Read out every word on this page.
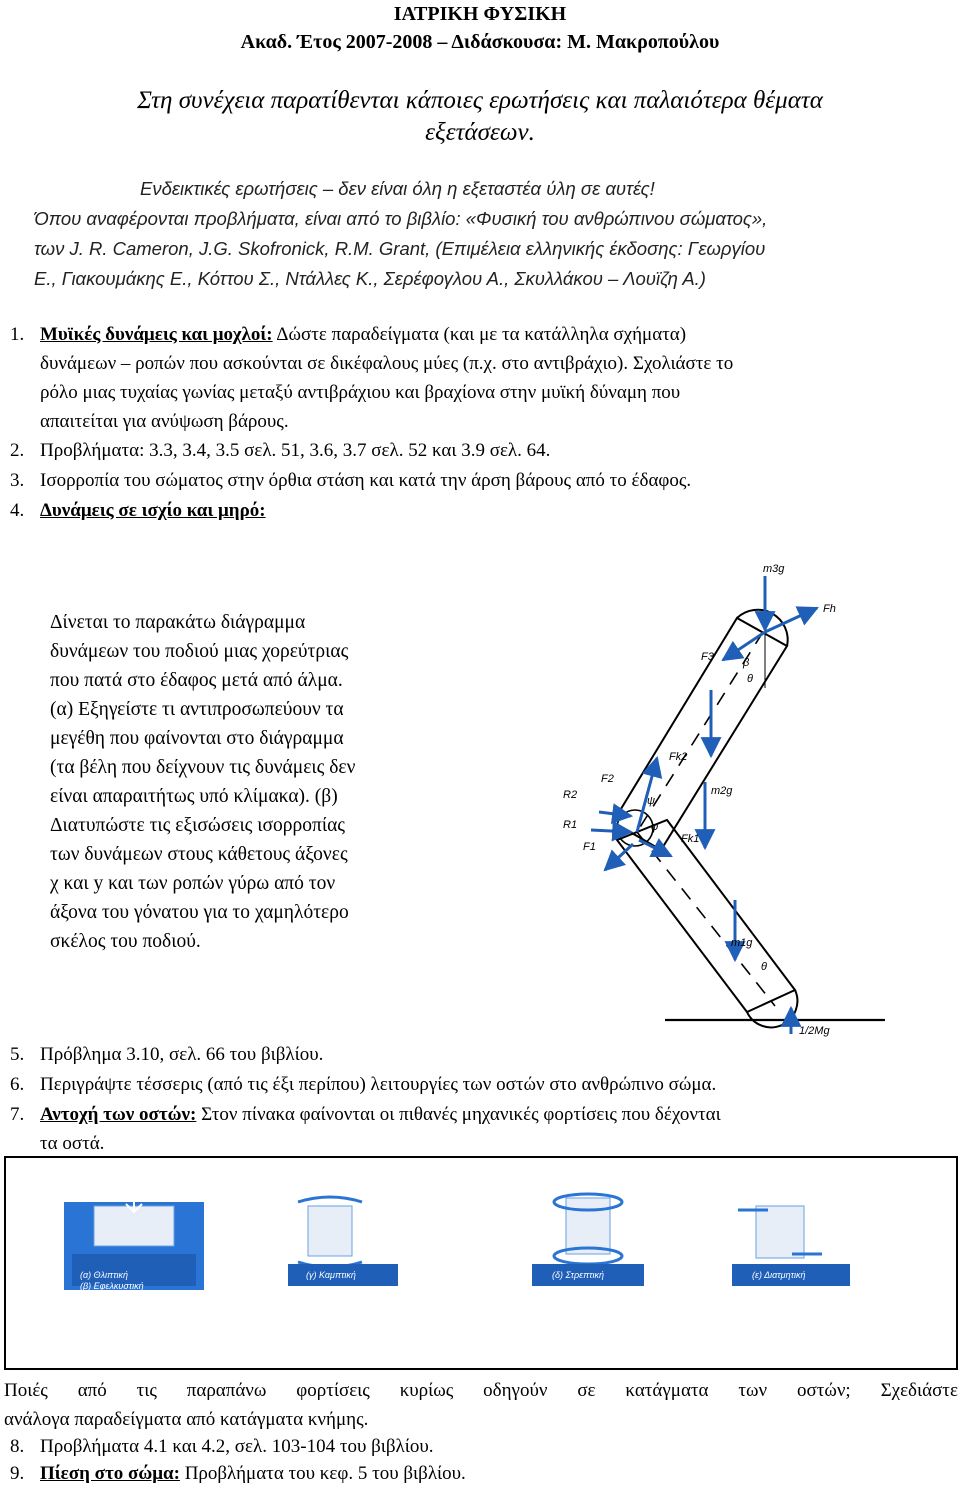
ΙΑΤΡΙΚΗ ΦΥΣΙΚΗ
Ακαδ. Έτος 2007-2008 – Διδάσκουσα: Μ. Μακροπούλου
Στη συνέχεια παρατίθενται κάποιες ερωτήσεις και παλαιότερα θέματα
εξετάσεων.
Ενδεικτικές ερωτήσεις – δεν είναι όλη η εξεταστέα ύλη σε αυτές!
Όπου αναφέρονται προβλήματα, είναι από το βιβλίο: «Φυσική του ανθρώπινου σώματος»,
των J. R. Cameron, J.G. Skofronick, R.M. Grant, (Επιμέλεια ελληνικής έκδοσης: Γεωργίου
Ε., Γιακουμάκης Ε., Κόττου Σ., Ντάλλες Κ., Σερέφογλου Α., Σκυλλάκου – Λουϊζη Α.)
1. Μυϊκές δυνάμεις και μοχλοί: Δώστε παραδείγματα (και με τα κατάλληλα σχήματα)
δυνάμεων – ροπών που ασκούνται σε δικέφαλους μύες (π.χ. στο αντιβράχιο). Σχολιάστε το
ρόλο μιας τυχαίας γωνίας μεταξύ αντιβράχιου και βραχίονα στην μυϊκή δύναμη που
απαιτείται για ανύψωση βάρους.
2. Προβλήματα: 3.3, 3.4, 3.5 σελ. 51, 3.6, 3.7 σελ. 52 και 3.9 σελ. 64.
3. Ισορροπία του σώματος στην όρθια στάση και κατά την άρση βάρους από το έδαφος.
4. Δυνάμεις σε ισχίο και μηρό:
Δίνεται το παρακάτω διάγραμμα
δυνάμεων του ποδιού μιας χορεύτριας
που πατά στο έδαφος μετά από άλμα.
(α) Εξηγείστε τι αντιπροσωπεύουν τα
μεγέθη που φαίνονται στο διάγραμμα
(τα βέλη που δείχνουν τις δυνάμεις δεν
είναι απαραιτήτως υπό κλίμακα). (β)
Διατυπώστε τις εξισώσεις ισορροπίας
των δυνάμεων στους κάθετους άξονες
χ και y και των ροπών γύρω από τον
άξονα του γόνατου για το χαμηλότερο
σκέλος του ποδιού.
m3g
Fh
F3	β
θ
Fk2
F2
R2	ψ
m2g
R1	φ
F1
Fk1
m1g
θ
1/2Mg
5. Πρόβλημα 3.10, σελ. 66 του βιβλίου.
6. Περιγράψτε τέσσερις (από τις έξι περίπου) λειτουργίες των οστών στο ανθρώπινο σώμα.
7. Αντοχή των οστών: Στον πίνακα φαίνονται οι πιθανές μηχανικές φορτίσεις που δέχονται
τα οστά.
(α) Θλιπτική
(β) Εφελκυστική
(γ) Καμπτική	(δ) Στρεπτική	(ε) Διατμητική
Ποιές από τις παραπάνω φορτίσεις κυρίως οδηγούν σε κατάγματα των οστών; Σχεδιάστε
ανάλογα παραδείγματα από κατάγματα κνήμης.
8. Προβλήματα 4.1 και 4.2, σελ. 103-104 του βιβλίου.
9. Πίεση στο σώμα: Προβλήματα του κεφ. 5 του βιβλίου.
